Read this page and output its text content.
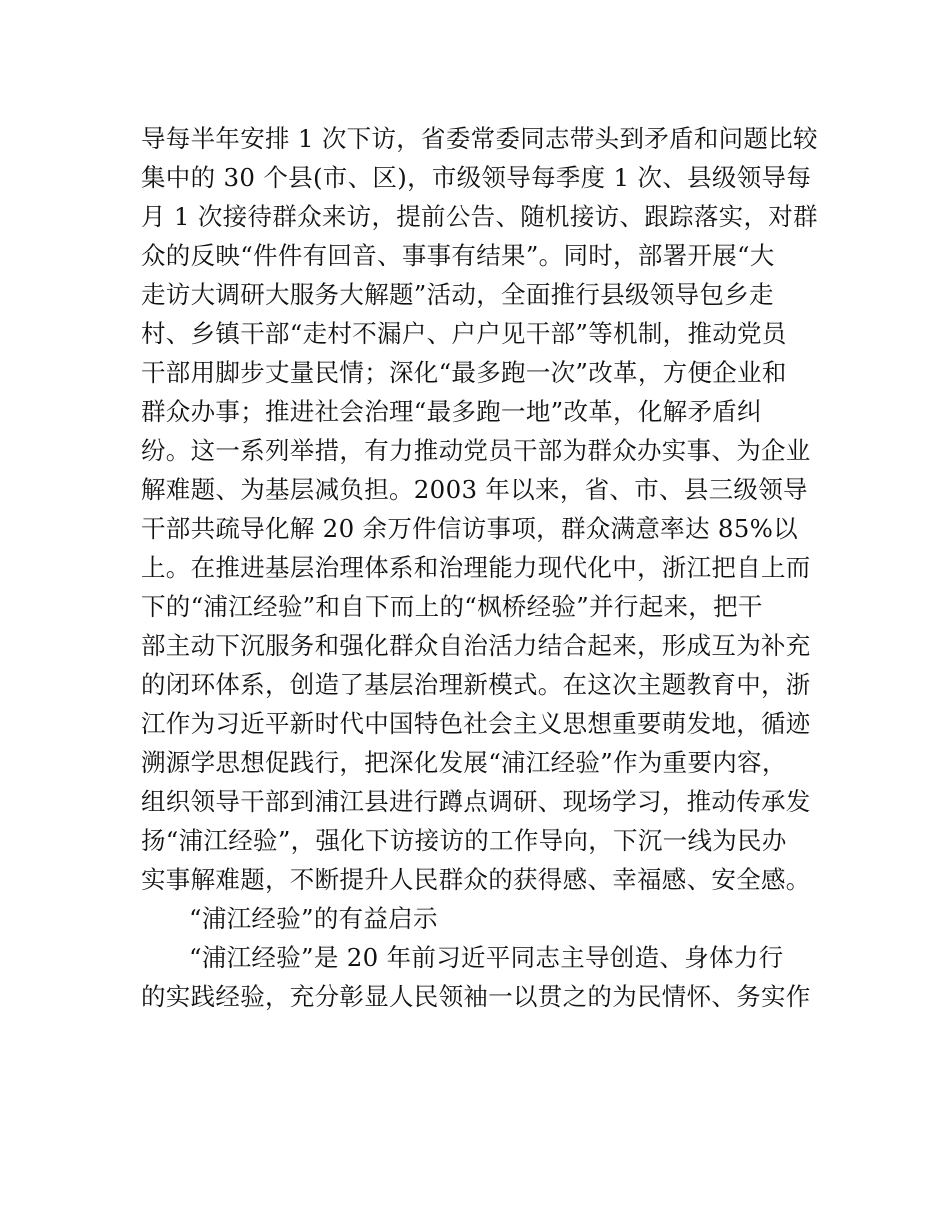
导每半年安排 1 次下访，省委常委同志带头到矛盾和问题比较
集中的 30 个县(市、区)，市级领导每季度 1 次、县级领导每
月 1 次接待群众来访，提前公告、随机接访、跟踪落实，对群
众的反映“件件有回音、事事有结果”。同时，部署开展“大
走访大调研大服务大解题”活动，全面推行县级领导包乡走
村、乡镇干部“走村不漏户、户户见干部”等机制，推动党员
干部用脚步丈量民情；深化“最多跑一次”改革，方便企业和
群众办事；推进社会治理“最多跑一地”改革，化解矛盾纠
纷。这一系列举措，有力推动党员干部为群众办实事、为企业
解难题、为基层减负担。2003 年以来，省、市、县三级领导
干部共疏导化解 20 余万件信访事项，群众满意率达 85%以
上。在推进基层治理体系和治理能力现代化中，浙江把自上而
下的“浦江经验”和自下而上的“枫桥经验”并行起来，把干
部主动下沉服务和强化群众自治活力结合起来，形成互为补充
的闭环体系，创造了基层治理新模式。在这次主题教育中，浙
江作为习近平新时代中国特色社会主义思想重要萌发地，循迹
溯源学思想促践行，把深化发展“浦江经验”作为重要内容，
组织领导干部到浦江县进行蹲点调研、现场学习，推动传承发
扬“浦江经验”，强化下访接访的工作导向，下沉一线为民办
实事解难题，不断提升人民群众的获得感、幸福感、安全感。
“浦江经验”的有益启示
“浦江经验”是 20 年前习近平同志主导创造、身体力行
的实践经验，充分彰显人民领袖一以贯之的为民情怀、务实作
